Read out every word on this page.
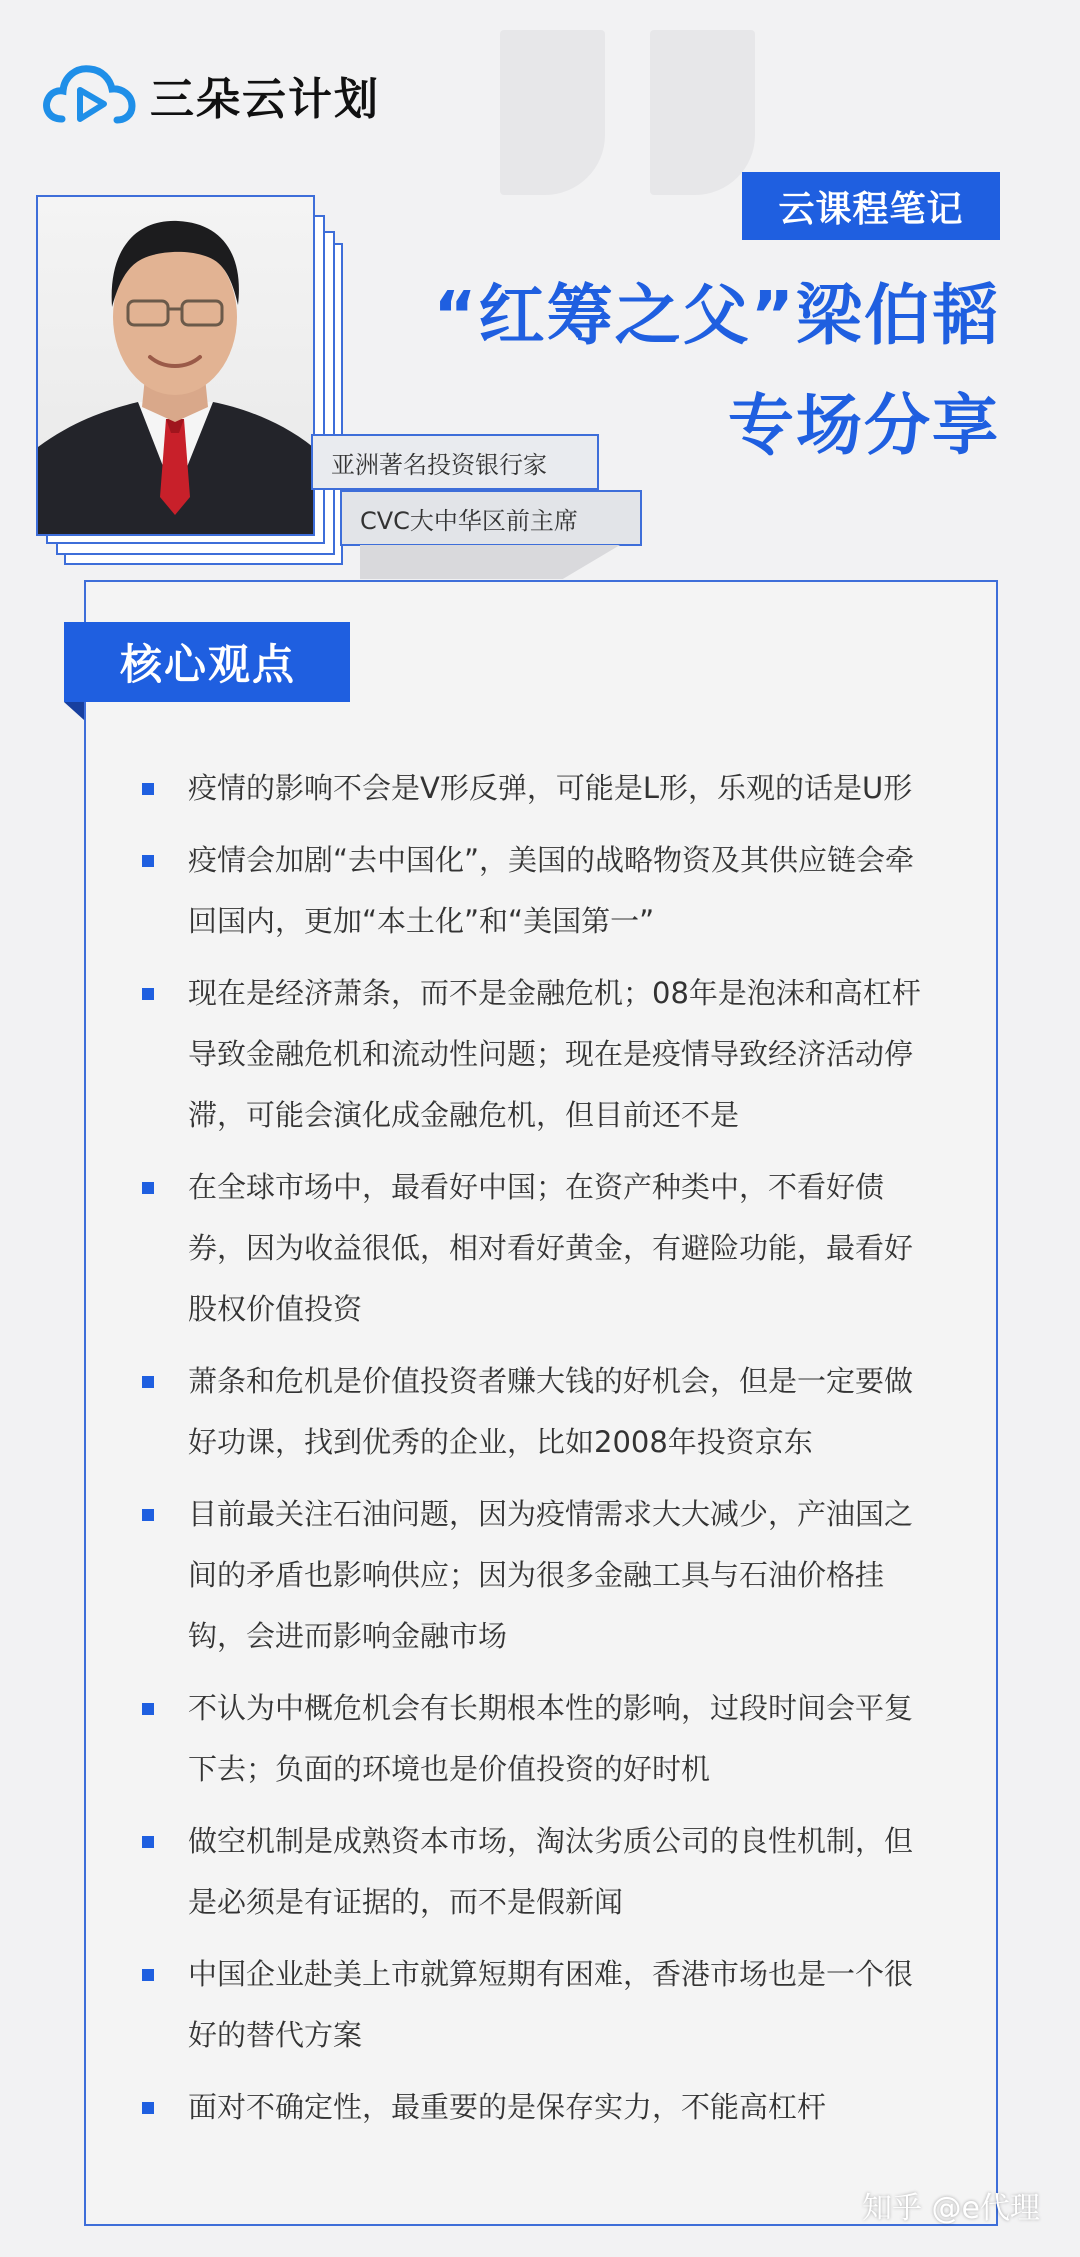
三朵云计划
亚洲著名投资银行家
CVC大中华区前主席
云课程笔记
“红筹之父”梁伯韬
专场分享
核心观点
疫情的影响不会是V形反弹，可能是L形，乐观的话是U形
疫情会加剧“去中国化”，美国的战略物资及其供应链会牵回国内，更加“本土化”和“美国第一”
现在是经济萧条，而不是金融危机；08年是泡沫和高杠杆导致金融危机和流动性问题；现在是疫情导致经济活动停滞，可能会演化成金融危机，但目前还不是
在全球市场中，最看好中国；在资产种类中，不看好债券，因为收益很低，相对看好黄金，有避险功能，最看好股权价值投资
萧条和危机是价值投资者赚大钱的好机会，但是一定要做好功课，找到优秀的企业，比如2008年投资京东
目前最关注石油问题，因为疫情需求大大减少，产油国之间的矛盾也影响供应；因为很多金融工具与石油价格挂钩，会进而影响金融市场
不认为中概危机会有长期根本性的影响，过段时间会平复下去；负面的环境也是价值投资的好时机
做空机制是成熟资本市场，淘汰劣质公司的良性机制，但是必须是有证据的，而不是假新闻
中国企业赴美上市就算短期有困难，香港市场也是一个很好的替代方案
面对不确定性，最重要的是保存实力，不能高杠杆
知乎 @e代理
